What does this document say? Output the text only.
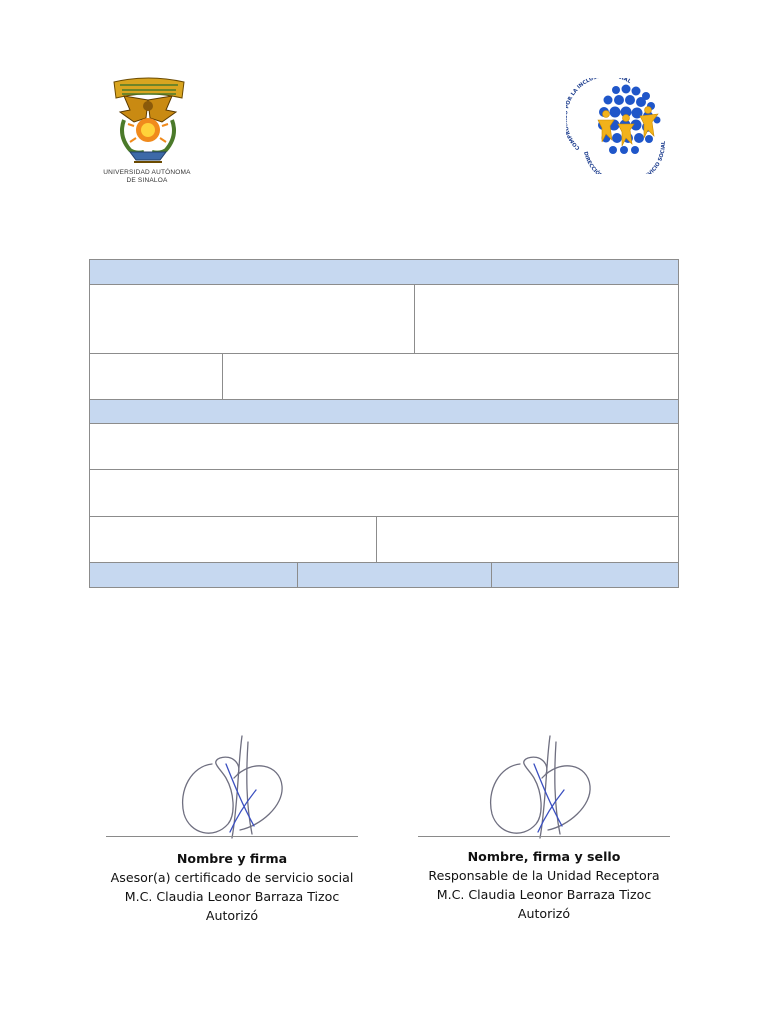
UNIVERSIDAD AUTÓNOMA
DE SINALOA
COMP R LA INCLU IAL
DIRECCIÓ VICIO SOCIAL
Nombre y firma
Asesor(a) certificado de servicio social
M.C. Claudia Leonor Barraza Tizoc
Autorizó
Nombre, firma y sello
Responsable de la Unidad Receptora
M.C. Claudia Leonor Barraza Tizoc
Autorizó
